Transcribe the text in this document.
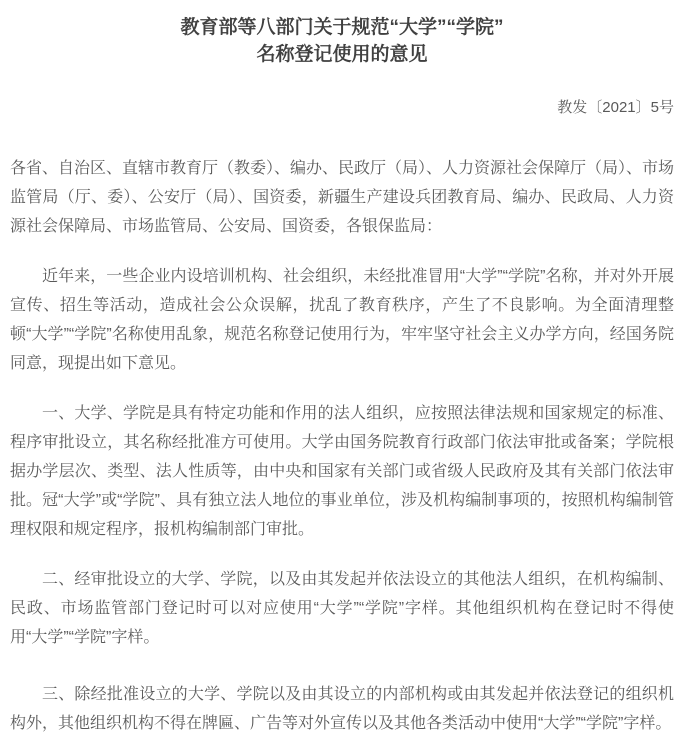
教育部等八部门关于规范“大学”“学院”
名称登记使用的意见
教发〔2021〕5号

各省、自治区、直辖市教育厅（教委）、编办、民政厅（局）、人力资源社会保障厅（局）、市场监管局（厅、委）、公安厅（局）、国资委，新疆生产建设兵团教育局、编办、民政局、人力资源社会保障局、市场监管局、公安局、国资委，各银保监局：

近年来，一些企业内设培训机构、社会组织，未经批准冒用“大学”“学院”名称，并对外开展宣传、招生等活动，造成社会公众误解，扰乱了教育秩序，产生了不良影响。为全面清理整顿“大学”“学院”名称使用乱象，规范名称登记使用行为，牢牢坚守社会主义办学方向，经国务院同意，现提出如下意见。

一、大学、学院是具有特定功能和作用的法人组织，应按照法律法规和国家规定的标准、程序审批设立，其名称经批准方可使用。大学由国务院教育行政部门依法审批或备案；学院根据办学层次、类型、法人性质等，由中央和国家有关部门或省级人民政府及其有关部门依法审批。冠“大学”或“学院”、具有独立法人地位的事业单位，涉及机构编制事项的，按照机构编制管理权限和规定程序，报机构编制部门审批。

二、经审批设立的大学、学院，以及由其发起并依法设立的其他法人组织，在机构编制、民政、市场监管部门登记时可以对应使用“大学”“学院”字样。其他组织机构在登记时不得使用“大学”“学院”字样。

三、除经批准设立的大学、学院以及由其设立的内部机构或由其发起并依法登记的组织机构外，其他组织机构不得在牌匾、广告等对外宣传以及其他各类活动中使用“大学”“学院”字样。
